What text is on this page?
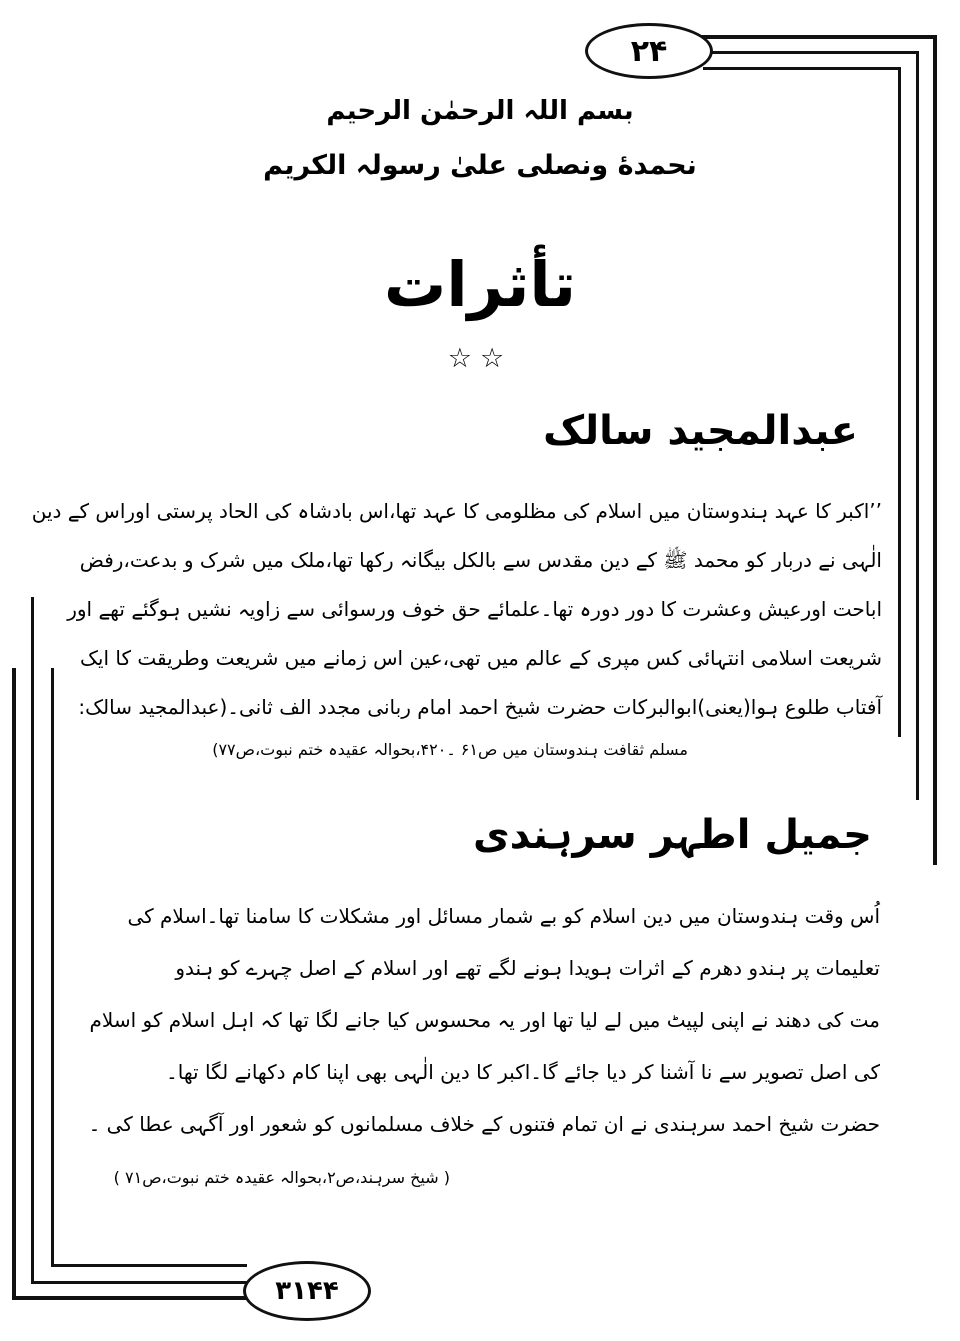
۲۴
۳۱۴۴
بسم اللہ الرحمٰن الرحیم
نحمدهٔ ونصلی علیٰ رسولہ الکریم
تأثرات
☆☆
عبدالمجید سالک
’’اکبر کا عہد ہندوستان میں اسلام کی مظلومی کا عہد تھا،اس بادشاہ کی الحاد پرستی اوراس کے دین
الٰہی نے دربار کو محمد ﷺ کے دین مقدس سے بالکل بیگانہ رکھا تھا،ملک میں شرک و بدعت،رفض
اباحت اورعیش وعشرت کا دور دورہ تھا۔علمائے حق خوف ورسوائی سے زاویہ نشیں ہوگئے تھے اور
شریعت اسلامی انتہائی کس مپری کے عالم میں تھی،عین اس زمانے میں شریعت وطریقت کا ایک
آفتاب طلوع ہوا(یعنی)ابوالبرکات حضرت شیخ احمد امام ربانی مجدد الف ثانی۔(عبدالمجید سالک:
مسلم ثقافت ہندوستان میں ص۶۱ ۔۴۲۰،بحوالہ عقیدہ ختم نبوت،ص۷۷)
جمیل اطہر سرہندی
اُس وقت ہندوستان میں دین اسلام کو بے شمار مسائل اور مشکلات کا سامنا تھا۔اسلام کی
تعلیمات پر ہندو دھرم کے اثرات ہویدا ہونے لگے تھے اور اسلام کے اصل چہرے کو ہندو
مت کی دھند نے اپنی لپیٹ میں لے لیا تھا اور یہ محسوس کیا جانے لگا تھا کہ اہل اسلام کو اسلام
کی اصل تصویر سے نا آشنا کر دیا جائے گا۔اکبر کا دین الٰہی بھی اپنا کام دکھانے لگا تھا۔
حضرت شیخ احمد سرہندی نے ان تمام فتنوں کے خلاف مسلمانوں کو شعور اور آگہی عطا کی ۔
( شیخ سرہند،ص۲،بحوالہ عقیدہ ختم نبوت،ص۷۱ )
